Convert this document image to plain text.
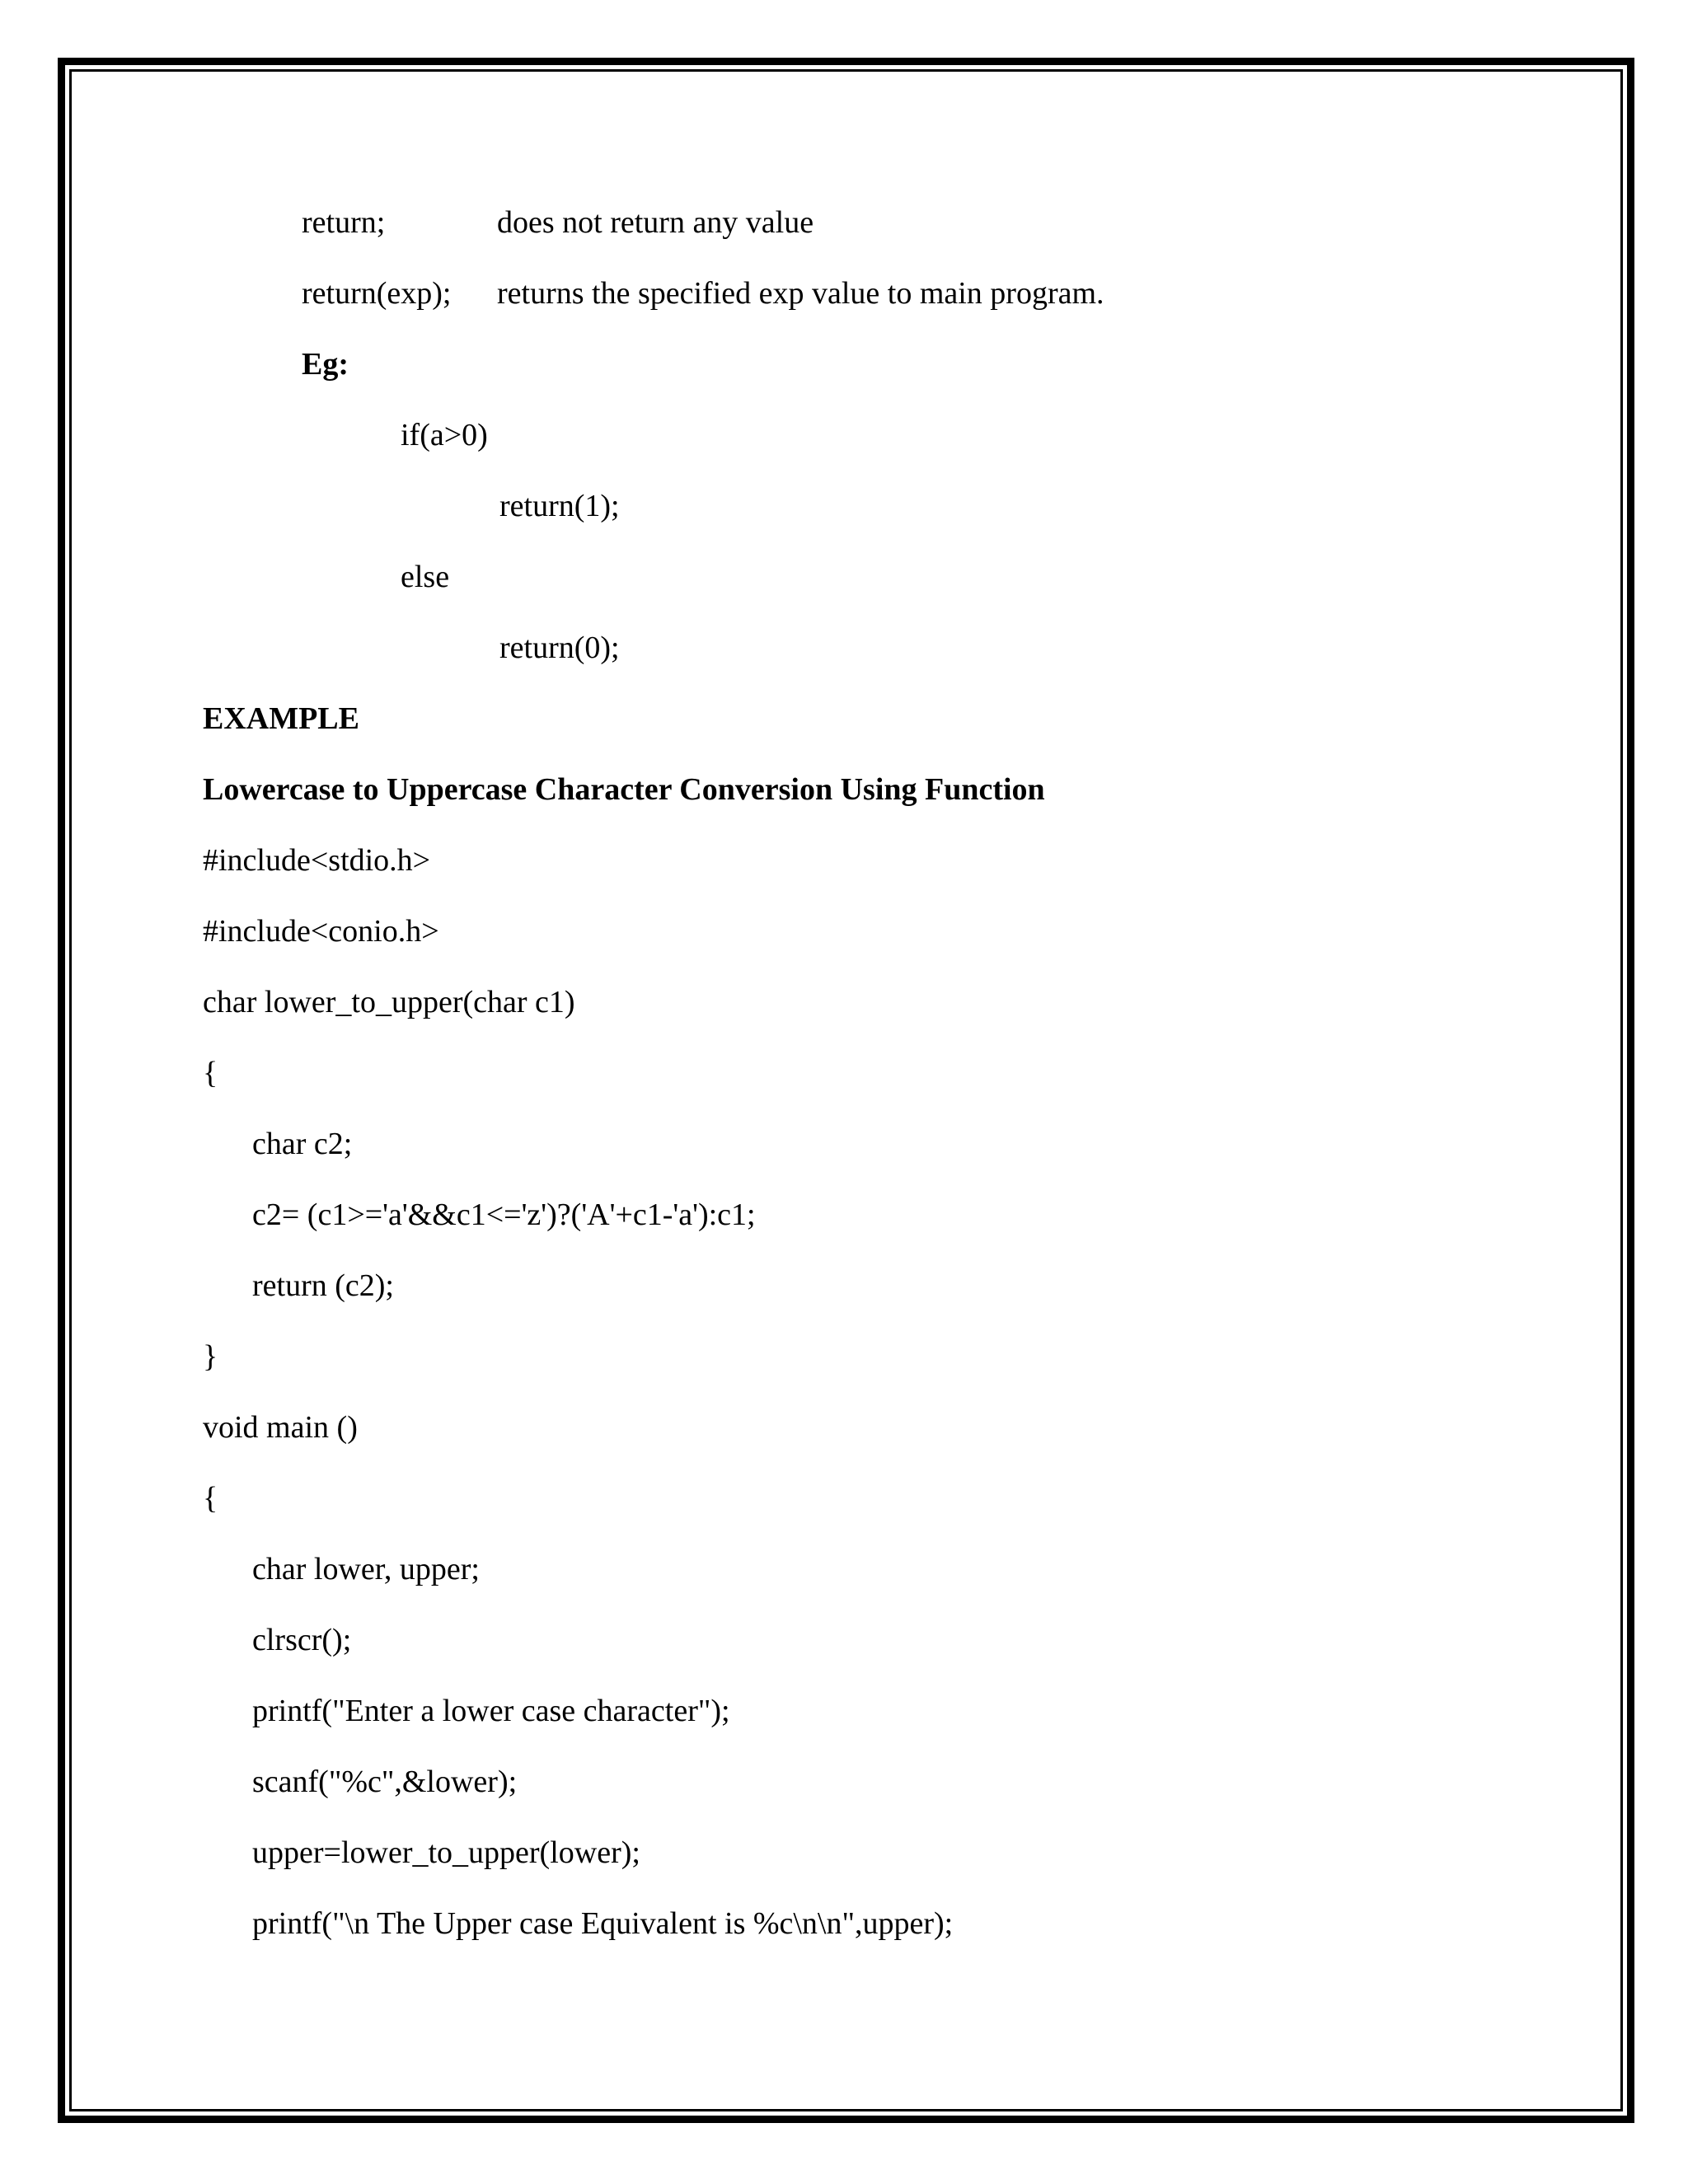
return;	does not return any value
return(exp); returns the specified exp value to main program.
Eg:
if(a>0)
return(1);
else
return(0);
EXAMPLE
Lowercase to Uppercase Character Conversion Using Function
#include<stdio.h>
#include<conio.h>
char lower_to_upper(char c1)
{
char c2;
c2= (c1>='a'&&c1<='z')?('A'+c1-'a'):c1;
return (c2);
}
void main ()
{
char lower, upper;
clrscr();
printf("Enter a lower case character");
scanf("%c",&lower);
upper=lower_to_upper(lower);
printf("\n The Upper case Equivalent is %c\n\n",upper);
